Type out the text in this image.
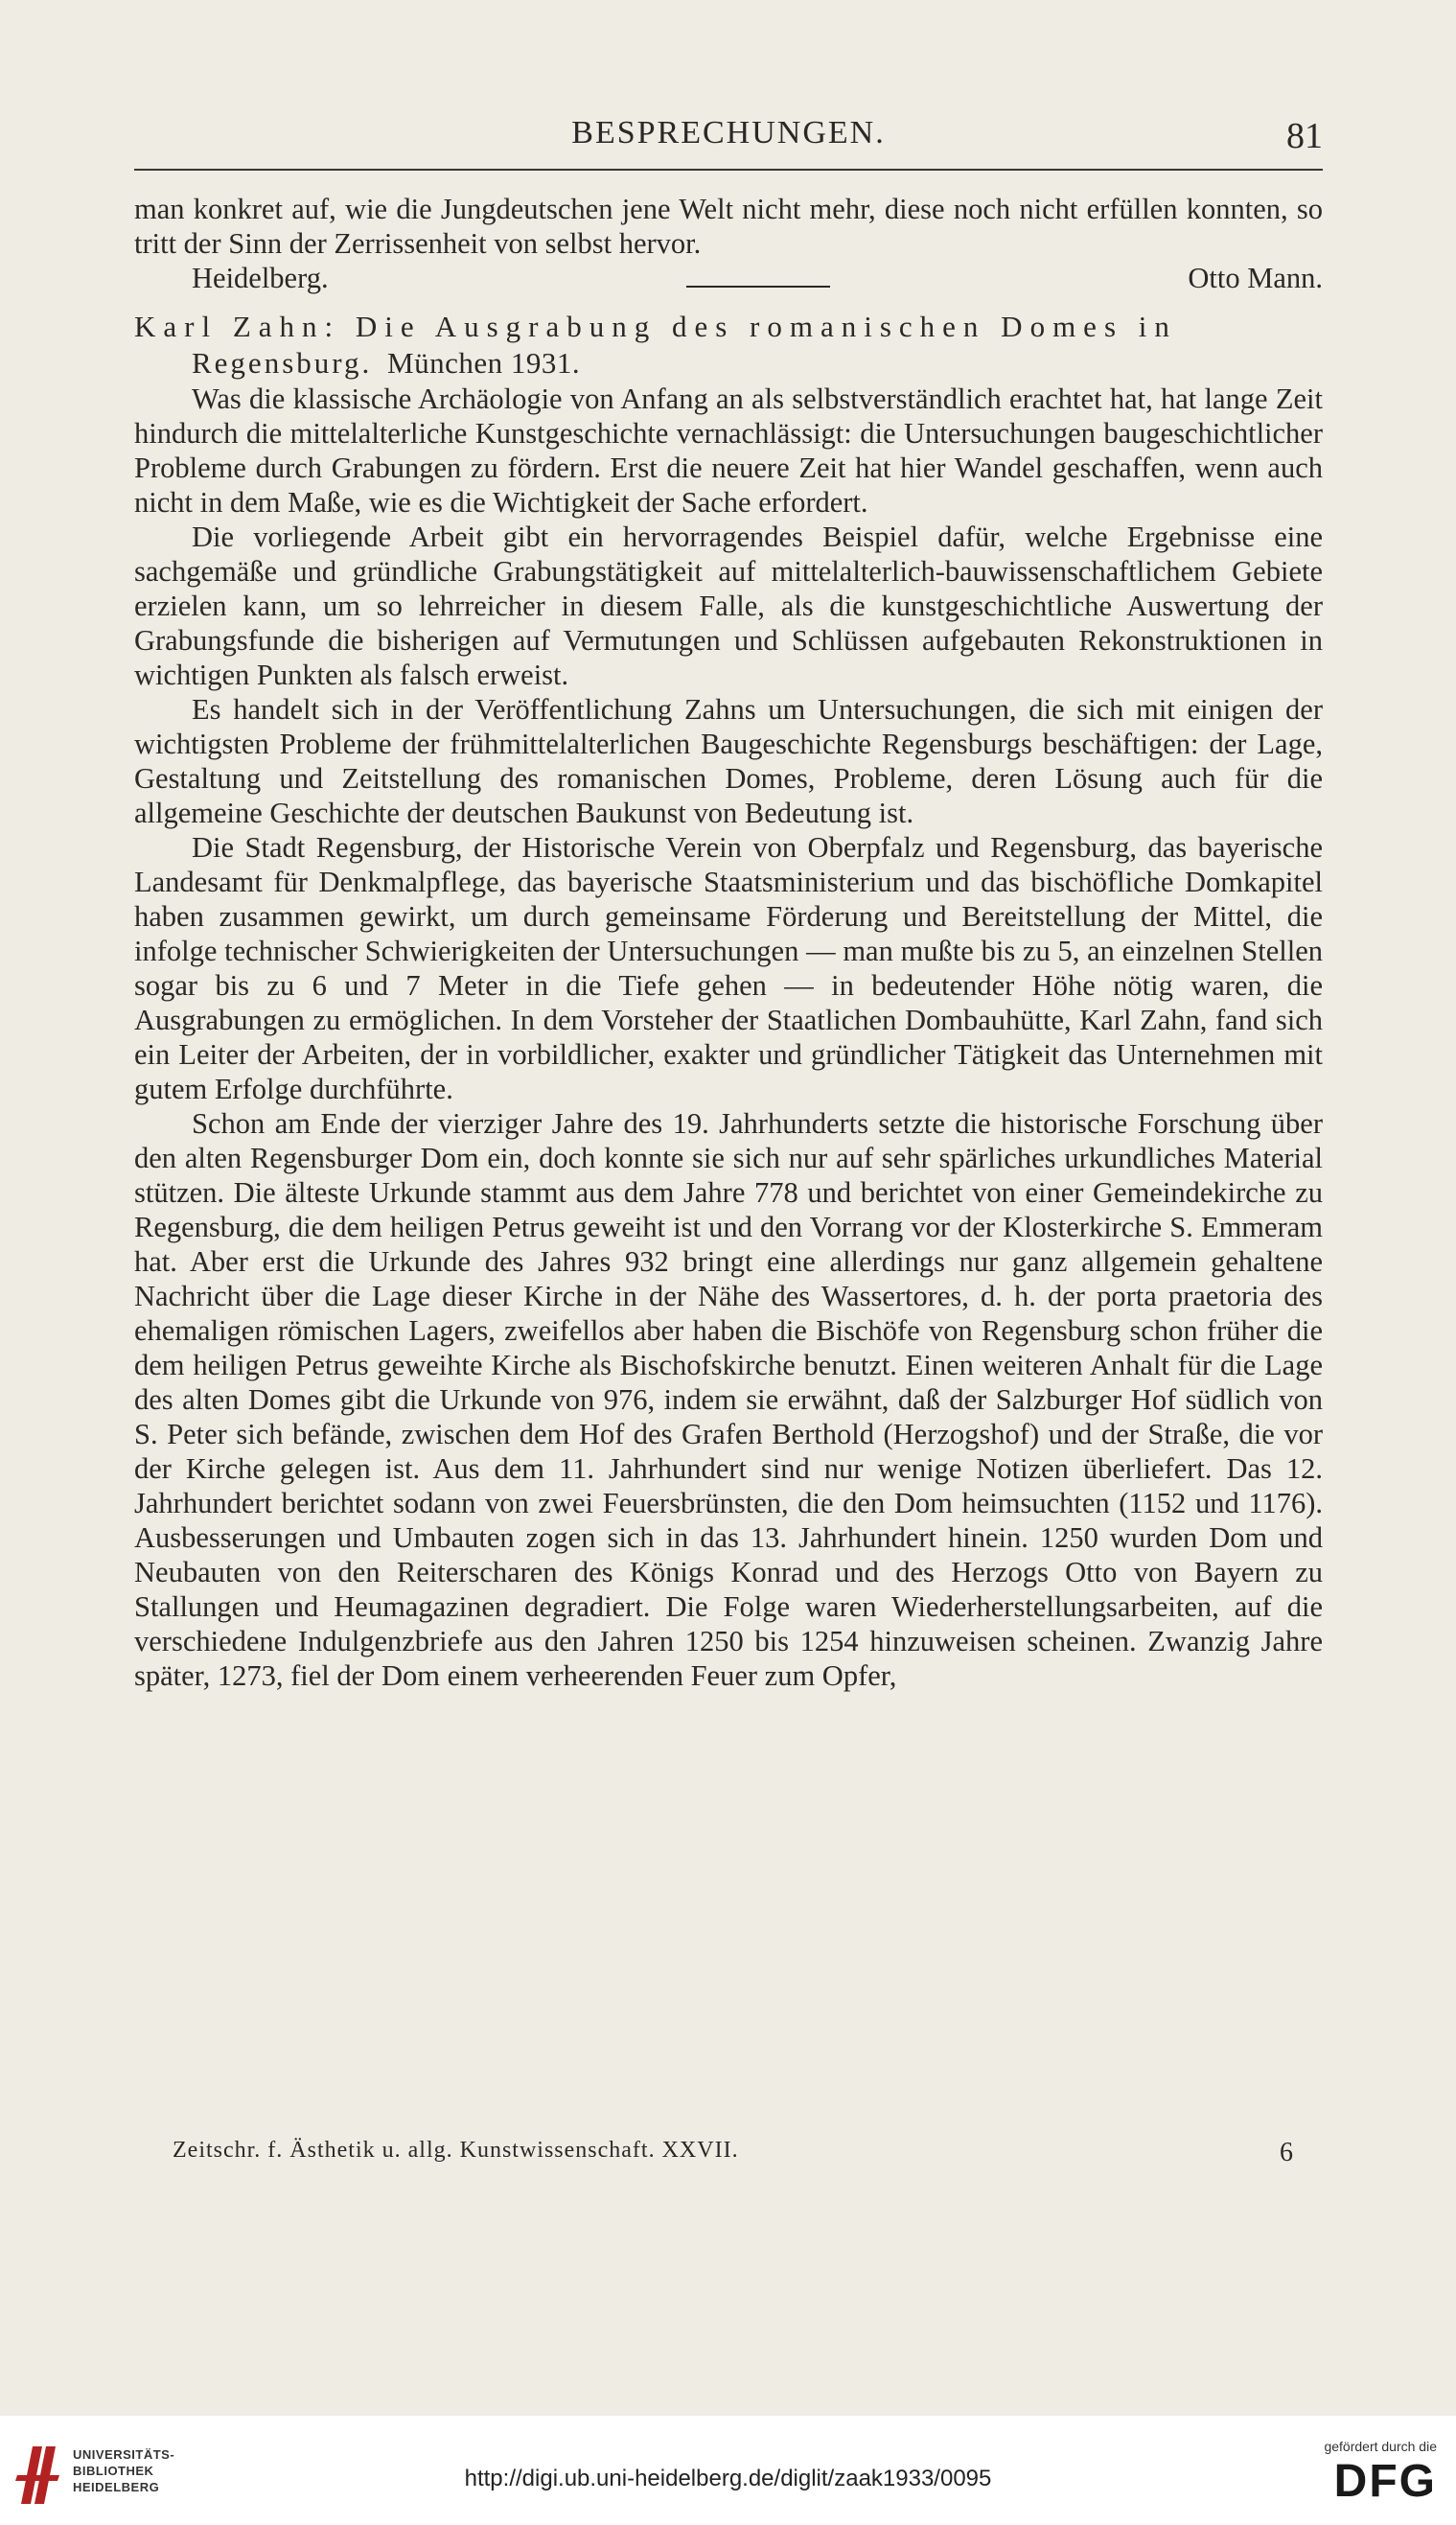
BESPRECHUNGEN.	81

man konkret auf, wie die Jungdeutschen jene Welt nicht mehr, diese noch nicht erfüllen konnten, so tritt der Sinn der Zerrissenheit von selbst hervor.

Heidelberg.	Otto Mann.
Karl Zahn: Die Ausgrabung des romanischen Domes in Regensburg. München 1931.

Was die klassische Archäologie von Anfang an als selbstverständlich erachtet hat, hat lange Zeit hindurch die mittelalterliche Kunstgeschichte vernachlässigt: die Untersuchungen baugeschichtlicher Probleme durch Grabungen zu fördern. Erst die neuere Zeit hat hier Wandel geschaffen, wenn auch nicht in dem Maße, wie es die Wichtigkeit der Sache erfordert.

Die vorliegende Arbeit gibt ein hervorragendes Beispiel dafür, welche Ergebnisse eine sachgemäße und gründliche Grabungstätigkeit auf mittelalterlich-bauwissenschaftlichem Gebiete erzielen kann, um so lehrreicher in diesem Falle, als die kunstgeschichtliche Auswertung der Grabungsfunde die bisherigen auf Vermutungen und Schlüssen aufgebauten Rekonstruktionen in wichtigen Punkten als falsch erweist.

Es handelt sich in der Veröffentlichung Zahns um Untersuchungen, die sich mit einigen der wichtigsten Probleme der frühmittelalterlichen Baugeschichte Regensburgs beschäftigen: der Lage, Gestaltung und Zeitstellung des romanischen Domes, Probleme, deren Lösung auch für die allgemeine Geschichte der deutschen Baukunst von Bedeutung ist.

Die Stadt Regensburg, der Historische Verein von Oberpfalz und Regensburg, das bayerische Landesamt für Denkmalpflege, das bayerische Staatsministerium und das bischöfliche Domkapitel haben zusammen gewirkt, um durch gemeinsame Förderung und Bereitstellung der Mittel, die infolge technischer Schwierigkeiten der Untersuchungen — man mußte bis zu 5, an einzelnen Stellen sogar bis zu 6 und 7 Meter in die Tiefe gehen — in bedeutender Höhe nötig waren, die Ausgrabungen zu ermöglichen. In dem Vorsteher der Staatlichen Dombauhütte, Karl Zahn, fand sich ein Leiter der Arbeiten, der in vorbildlicher, exakter und gründlicher Tätigkeit das Unternehmen mit gutem Erfolge durchführte.

Schon am Ende der vierziger Jahre des 19. Jahrhunderts setzte die historische Forschung über den alten Regensburger Dom ein, doch konnte sie sich nur auf sehr spärliches urkundliches Material stützen. Die älteste Urkunde stammt aus dem Jahre 778 und berichtet von einer Gemeindekirche zu Regensburg, die dem heiligen Petrus geweiht ist und den Vorrang vor der Klosterkirche S. Emmeram hat. Aber erst die Urkunde des Jahres 932 bringt eine allerdings nur ganz allgemein gehaltene Nachricht über die Lage dieser Kirche in der Nähe des Wassertores, d. h. der porta praetoria des ehemaligen römischen Lagers, zweifellos aber haben die Bischöfe von Regensburg schon früher die dem heiligen Petrus geweihte Kirche als Bischofskirche benutzt. Einen weiteren Anhalt für die Lage des alten Domes gibt die Urkunde von 976, indem sie erwähnt, daß der Salzburger Hof südlich von S. Peter sich befände, zwischen dem Hof des Grafen Berthold (Herzogshof) und der Straße, die vor der Kirche gelegen ist. Aus dem 11. Jahrhundert sind nur wenige Notizen überliefert. Das 12. Jahrhundert berichtet sodann von zwei Feuersbrünsten, die den Dom heimsuchten (1152 und 1176). Ausbesserungen und Umbauten zogen sich in das 13. Jahrhundert hinein. 1250 wurden Dom und Neubauten von den Reiterscharen des Königs Konrad und des Herzogs Otto von Bayern zu Stallungen und Heumagazinen degradiert. Die Folge waren Wiederherstellungsarbeiten, auf die verschiedene Indulgenzbriefe aus den Jahren 1250 bis 1254 hinzuweisen scheinen. Zwanzig Jahre später, 1273, fiel der Dom einem verheerenden Feuer zum Opfer,

Zeitschr. f. Ästhetik u. allg. Kunstwissenschaft. XXVII.	6
UNIVERSITÄTS-
BIBLIOTHEK
HEIDELBERG	http://digi.ub.uni-heidelberg.de/diglit/zaak1933/0095
gefördert durch die
DFG
